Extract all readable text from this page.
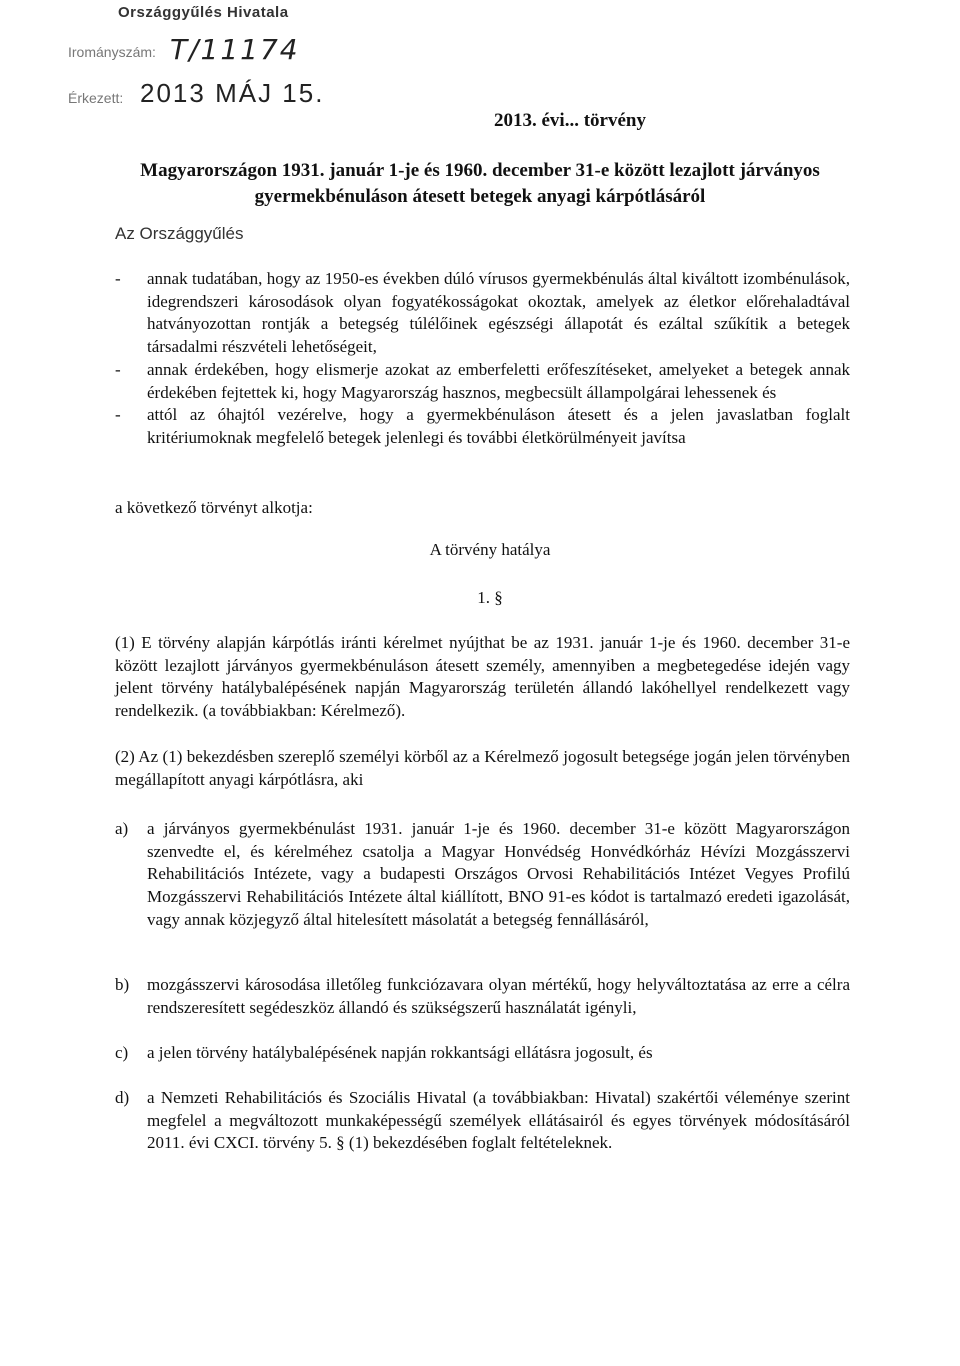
Országgyűlés Hivatala
Irományszám: T/11174
Érkezett: 2013 MÁJ 15.
2013. évi... törvény
Magyarországon 1931. január 1-je és 1960. december 31-e között lezajlott járványos
gyermekbénuláson átesett betegek anyagi kárpótlásáról
Az Országgyűlés
-	annak tudatában, hogy az 1950-es években dúló vírusos gyermekbénulás által kiváltott izombénulások, idegrendszeri károsodások olyan fogyatékosságokat okoztak, amelyek az életkor előrehaladtával hatványozottan rontják a betegség túlélőinek egészségi állapotát és ezáltal szűkítik a betegek társadalmi részvételi lehetőségeit,
-	annak érdekében, hogy elismerje azokat az emberfeletti erőfeszítéseket, amelyeket a betegek annak érdekében fejtettek ki, hogy Magyarország hasznos, megbecsült állampolgárai lehessenek és
-	attól az óhajtól vezérelve, hogy a gyermekbénuláson átesett és a jelen javaslatban foglalt kritériumoknak megfelelő betegek jelenlegi és további életkörülményeit javítsa
a következő törvényt alkotja:
A törvény hatálya
1. §
(1) E törvény alapján kárpótlás iránti kérelmet nyújthat be az 1931. január 1-je és 1960. december 31-e között lezajlott járványos gyermekbénuláson átesett személy, amennyiben a megbetegedése idején vagy jelent törvény hatálybalépésének napján Magyarország területén állandó lakóhellyel rendelkezett vagy rendelkezik. (a továbbiakban: Kérelmező).
(2) Az (1) bekezdésben szereplő személyi körből az a Kérelmező jogosult betegsége jogán jelen törvényben megállapított anyagi kárpótlásra, aki
a)	a járványos gyermekbénulást 1931. január 1-je és 1960. december 31-e között Magyarországon szenvedte el, és kérelméhez csatolja a Magyar Honvédség Honvédkórház Hévízi Mozgásszervi Rehabilitációs Intézete, vagy a budapesti Országos Orvosi Rehabilitációs Intézet Vegyes Profilú Mozgásszervi Rehabilitációs Intézete által kiállított, BNO 91-es kódot is tartalmazó eredeti igazolását, vagy annak közjegyző által hitelesített másolatát a betegség fennállásáról,
b)	mozgásszervi károsodása illetőleg funkciózavara olyan mértékű, hogy helyváltoztatása az erre a célra rendszeresített segédeszköz állandó és szükségszerű használatát igényli,
c)	a jelen törvény hatálybalépésének napján rokkantsági ellátásra jogosult, és
d)	a Nemzeti Rehabilitációs és Szociális Hivatal (a továbbiakban: Hivatal) szakértői véleménye szerint megfelel a megváltozott munkaképességű személyek ellátásairól és egyes törvények módosításáról 2011. évi CXCI. törvény 5. § (1) bekezdésében foglalt feltételeknek.
